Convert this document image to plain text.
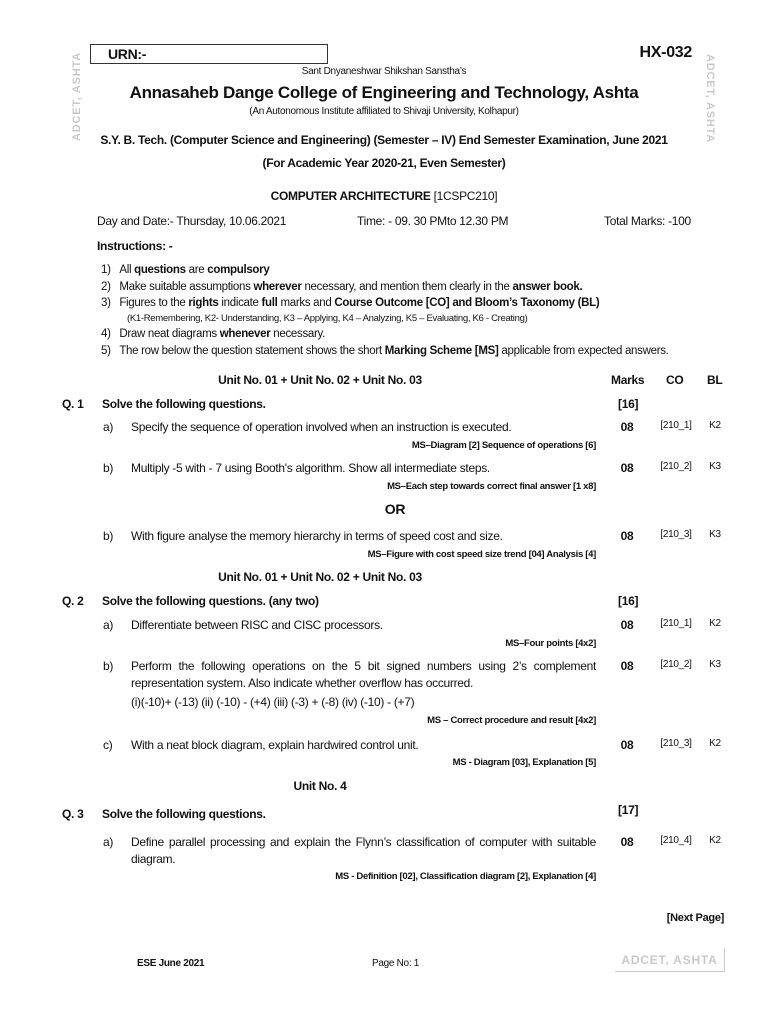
URN:-	HX-032
ADCET, ASHTA	ADCET, ASHTA
Sant Dnyaneshwar Shikshan Sanstha’s
Annasaheb Dange College of Engineering and Technology, Ashta
(An Autonomous Institute affiliated to Shivaji University, Kolhapur)
S.Y. B. Tech. (Computer Science and Engineering) (Semester – IV) End Semester Examination, June 2021
(For Academic Year 2020-21, Even Semester)
COMPUTER ARCHITECTURE [1CSPC210]
Day and Date:- Thursday, 10.06.2021	Time: - 09. 30 PMto 12.30 PM	Total Marks: -100
Instructions: -
1) All questions are compulsory
2) Make suitable assumptions wherever necessary, and mention them clearly in the answer book.
3) Figures to the rights indicate full marks and Course Outcome [CO] and Bloom’s Taxonomy (BL)
(K1-Remembering, K2- Understanding, K3 – Applying, K4 – Analyzing, K5 – Evaluating, K6 - Creating)
4) Draw neat diagrams whenever necessary.
5) The row below the question statement shows the short Marking Scheme [MS] applicable from expected answers.
Unit No. 01 + Unit No. 02 + Unit No. 03	Marks CO BL
Q. 1 Solve the following questions.	[16]
a) Specify the sequence of operation involved when an instruction is executed.	08	[210_1]	K2
MS–Diagram [2] Sequence of operations [6]
b) Multiply -5 with - 7 using Booth's algorithm. Show all intermediate steps.	08	[210_2]	K3
MS–Each step towards correct final answer [1 x8]
OR
b) With figure analyse the memory hierarchy in terms of speed cost and size.	08	[210_3]	K3
MS–Figure with cost speed size trend [04] Analysis [4]
Unit No. 01 + Unit No. 02 + Unit No. 03
Q. 2 Solve the following questions. (any two)	[16]
a) Differentiate between RISC and CISC processors.	08	[210_1]	K2
MS–Four points [4x2]
b) Perform the following operations on the 5 bit signed numbers using 2’s complement representation system. Also indicate whether overflow has occurred.
(i)(-10)+ (-13) (ii) (-10) - (+4) (iii) (-3) + (-8) (iv) (-10) - (+7)
08	[210_2]	K3
MS – Correct procedure and result [4x2]
c) With a neat block diagram, explain hardwired control unit.	08	[210_3]	K2
MS - Diagram [03], Explanation [5]
Unit No. 4
Q. 3 Solve the following questions.	[17]
a) Define parallel processing and explain the Flynn’s classification of computer with suitable diagram.
08	[210_4]	K2
MS - Definition [02], Classification diagram [2], Explanation [4]
[Next Page]
ESE June 2021	Page No: 1	ADCET, ASHTA
